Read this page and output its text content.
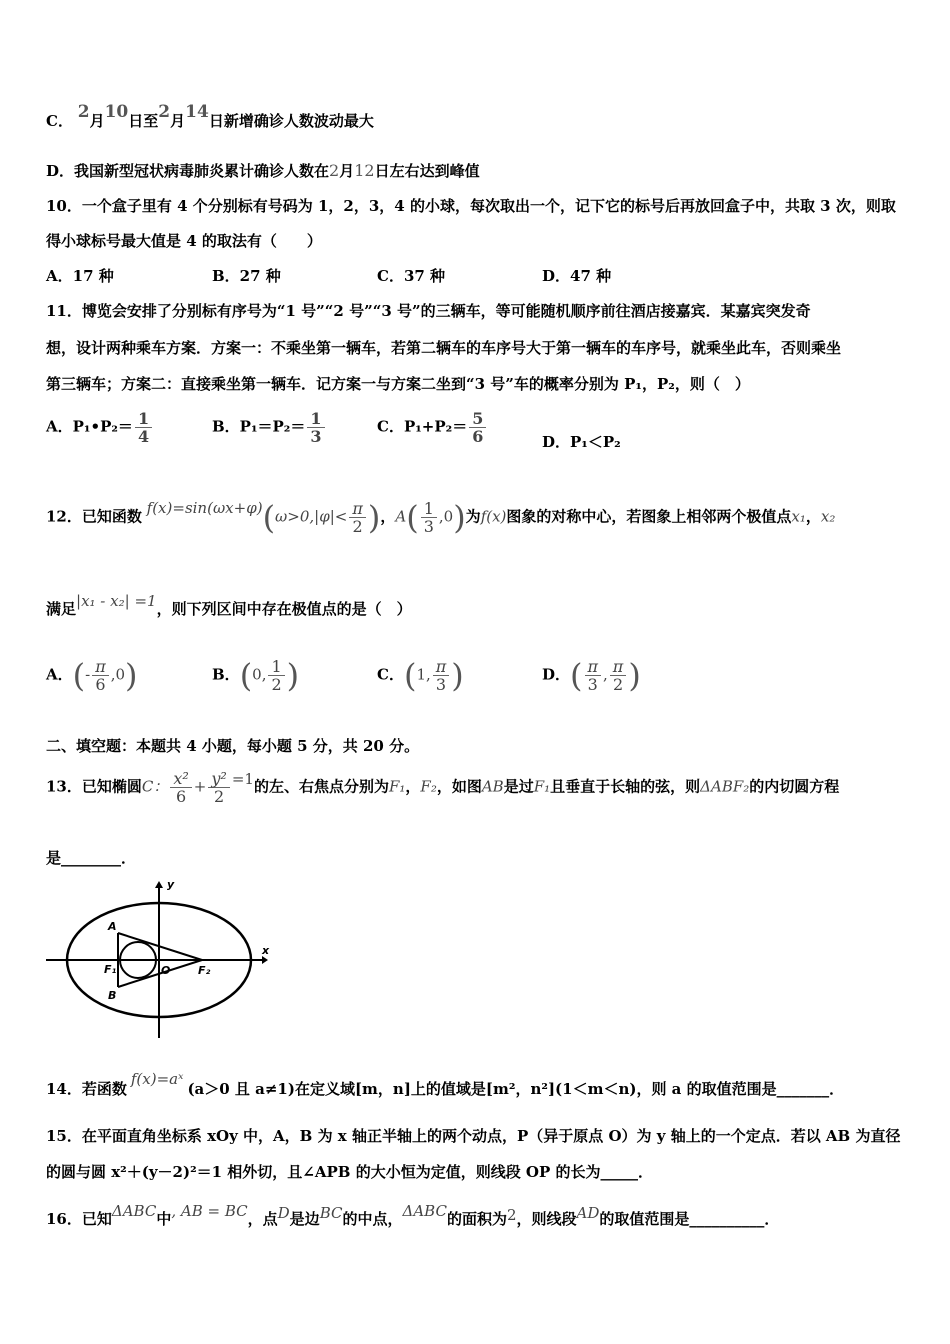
C． 2月10日至2月14日新增确诊人数波动最大
D．我国新型冠状病毒肺炎累计确诊人数在2月12日左右达到峰值
10．一个盒子里有 4 个分别标有号码为 1，2，3，4 的小球，每次取出一个，记下它的标号后再放回盒子中，共取 3 次，则取
得小球标号最大值是 4 的取法有（　　）
A．17 种	B．27 种	C．37 种	D．47 种
11．博览会安排了分别标有序号为“1 号”“2 号”“3 号”的三辆车，等可能随机顺序前往酒店接嘉宾．某嘉宾突发奇
想，设计两种乘车方案．方案一：不乘坐第一辆车，若第二辆车的车序号大于第一辆车的车序号，就乘坐此车，否则乘坐
第三辆车；方案二：直接乘坐第一辆车．记方案一与方案二坐到“3 号”车的概率分别为 P₁，P₂，则（　）
A．P₁•P₂＝ $\frac{1}{4}$	B．$P_1=P_2= \frac{1}{3}$	C．$P_1+P_2= \frac{5}{6}$	D．P₁＜P₂
12．已知函数 $f(x)=\sin(\omega x+\varphi)(\omega>0,|\varphi|< \frac{\pi}{2}$ )，$A( \frac{1}{3} ,0)$为f(x)图象的对称中心，若图象上相邻两个极值点x₁，x₂
满足|x₁ - x₂| =1，则下列区间中存在极值点的是（　）
A．(- $\frac{\pi}{6} ,0$)	B．(0, $\frac{1}{2}$ )	C．(1, $\frac{\pi}{3}$ )	D．( $\frac{\pi}{3}$ , $\frac{\pi}{2}$ )
二、填空题：本题共 4 小题，每小题 5 分，共 20 分。
13．已知椭圆C： $\frac{\text{x²}}{6} + \frac{\text{y²}}{2} =1$的左、右焦点分别为F₁，F₂，如图AB是过F₁且垂直于长轴的弦，则ΔABF₂的内切圆方程
是________．
y
x
A
B
F₁	O	F₂
14．若函数f(x)=aˣ(a＞0 且 a≠1)在定义域[m，n]上的值域是[m²，n²](1＜m＜n)，则 a 的取值范围是_______．
15．在平面直角坐标系 xOy 中，A，B 为 x 轴正半轴上的两个动点，P（异于原点 O）为 y 轴上的一个定点．若以 AB 为直径
的圆与圆 x²＋(y－2)²＝1 相外切，且∠APB 的大小恒为定值，则线段 OP 的长为_____．
16．已知ΔABC中, AB = BC，点D是边BC的中点，ΔABC的面积为2，则线段AD的取值范围是__________．
